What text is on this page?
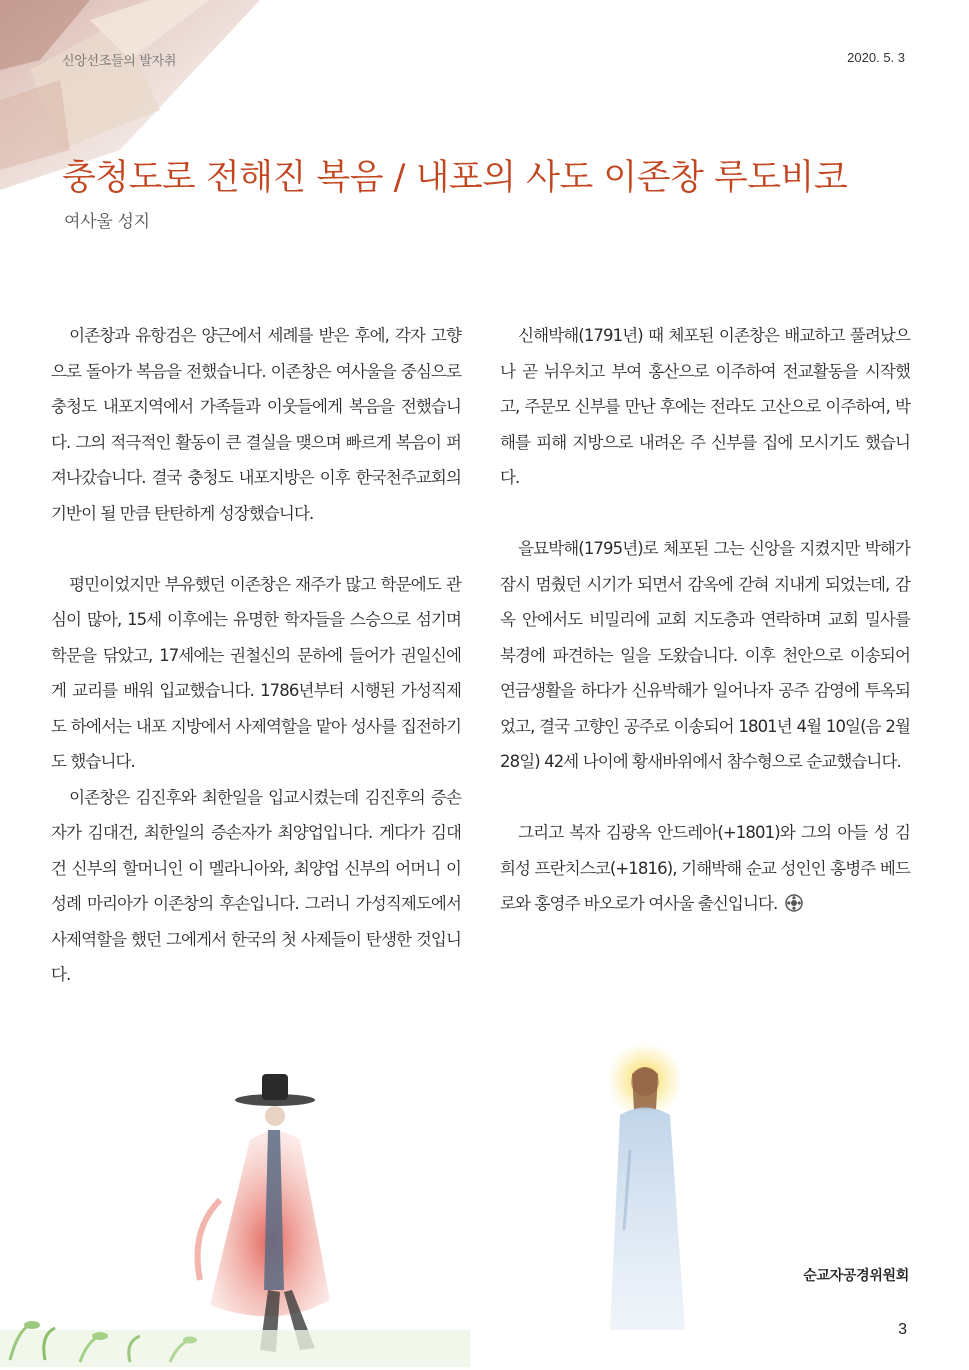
신앙선조들의 발자취	2020. 5. 3
충청도로 전해진 복음 / 내포의 사도 이존창 루도비코
여사울 성지

이존창과 유항검은 양근에서 세례를 받은 후에, 각자 고향으로 돌아가 복음을 전했습니다. 이존창은 여사울을 중심으로 충청도 내포지역에서 가족들과 이웃들에게 복음을 전했습니다. 그의 적극적인 활동이 큰 결실을 맺으며 빠르게 복음이 퍼져나갔습니다. 결국 충청도 내포지방은 이후 한국천주교회의 기반이 될 만큼 탄탄하게 성장했습니다.

평민이었지만 부유했던 이존창은 재주가 많고 학문에도 관심이 많아, 15세 이후에는 유명한 학자들을 스승으로 섬기며 학문을 닦았고, 17세에는 권철신의 문하에 들어가 권일신에게 교리를 배워 입교했습니다. 1786년부터 시행된 가성직제도 하에서는 내포 지방에서 사제역할을 맡아 성사를 집전하기도 했습니다.

이존창은 김진후와 최한일을 입교시켰는데 김진후의 증손자가 김대건, 최한일의 증손자가 최양업입니다. 게다가 김대건 신부의 할머니인 이 멜라니아와, 최양업 신부의 어머니 이성례 마리아가 이존창의 후손입니다. 그러니 가성직제도에서 사제역할을 했던 그에게서 한국의 첫 사제들이 탄생한 것입니다.

신해박해(1791년) 때 체포된 이존창은 배교하고 풀려났으나 곧 뉘우치고 부여 홍산으로 이주하여 전교활동을 시작했고, 주문모 신부를 만난 후에는 전라도 고산으로 이주하여, 박해를 피해 지방으로 내려온 주 신부를 집에 모시기도 했습니다.

을묘박해(1795년)로 체포된 그는 신앙을 지켰지만 박해가 잠시 멈췄던 시기가 되면서 감옥에 갇혀 지내게 되었는데, 감옥 안에서도 비밀리에 교회 지도층과 연락하며 교회 밀사를 북경에 파견하는 일을 도왔습니다. 이후 천안으로 이송되어 연금생활을 하다가 신유박해가 일어나자 공주 감영에 투옥되었고, 결국 고향인 공주로 이송되어 1801년 4월 10일(음 2월 28일) 42세 나이에 황새바위에서 참수형으로 순교했습니다.

그리고 복자 김광옥 안드레아(+1801)와 그의 아들 성 김희성 프란치스코(+1816), 기해박해 순교 성인인 홍병주 베드로와 홍영주 바오로가 여사울 출신입니다.

순교자공경위원회
3
